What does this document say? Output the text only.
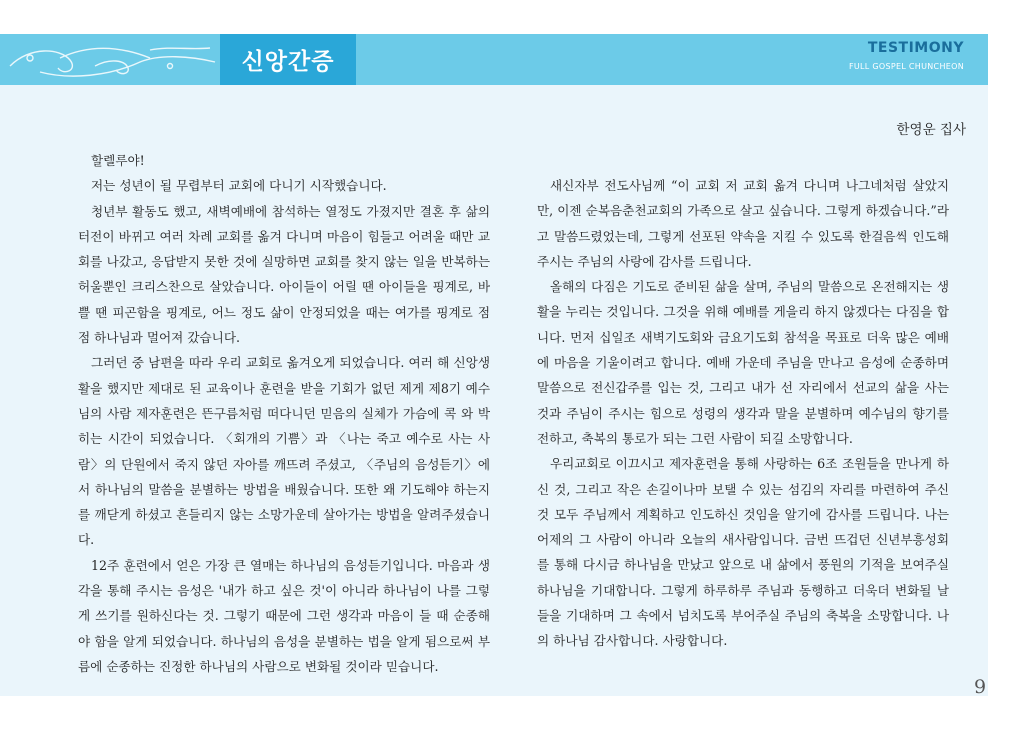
신앙간증
TESTIMONY
FULL GOSPEL CHUNCHEON
한영운 집사

할렐루야!

저는 성년이 될 무렵부터 교회에 다니기 시작했습니다.

청년부 활동도 했고, 새벽예배에 참석하는 열정도 가졌지만 결혼 후 삶의 터전이 바뀌고 여러 차례 교회를 옮겨 다니며 마음이 힘들고 어려울 때만 교회를 나갔고, 응답받지 못한 것에 실망하면 교회를 찾지 않는 일을 반복하는 허울뿐인 크리스찬으로 살았습니다. 아이들이 어릴 땐 아이들을 핑계로, 바쁠 땐 피곤함을 핑계로, 어느 정도 삶이 안정되었을 때는 여가를 핑계로 점점 하나님과 멀어져 갔습니다.

그러던 중 남편을 따라 우리 교회로 옮겨오게 되었습니다. 여러 해 신앙생활을 했지만 제대로 된 교육이나 훈련을 받을 기회가 없던 제게 제8기 예수님의 사람 제자훈련은 뜬구름처럼 떠다니던 믿음의 실체가 가슴에 콕 와 박히는 시간이 되었습니다. 〈회개의 기쁨〉과 〈나는 죽고 예수로 사는 사람〉의 단원에서 죽지 않던 자아를 깨뜨려 주셨고, 〈주님의 음성듣기〉에서 하나님의 말씀을 분별하는 방법을 배웠습니다. 또한 왜 기도해야 하는지를 깨닫게 하셨고 흔들리지 않는 소망가운데 살아가는 방법을 알려주셨습니다.

12주 훈련에서 얻은 가장 큰 열매는 하나님의 음성듣기입니다. 마음과 생각을 통해 주시는 음성은 '내가 하고 싶은 것'이 아니라 하나님이 나를 그렇게 쓰기를 원하신다는 것. 그렇기 때문에 그런 생각과 마음이 들 때 순종해야 함을 알게 되었습니다. 하나님의 음성을 분별하는 법을 알게 됨으로써 부름에 순종하는 진정한 하나님의 사람으로 변화될 것이라 믿습니다.

새신자부 전도사님께 “이 교회 저 교회 옮겨 다니며 나그네처럼 살았지만, 이젠 순복음춘천교회의 가족으로 살고 싶습니다. 그렇게 하겠습니다.”라고 말씀드렸었는데, 그렇게 선포된 약속을 지킬 수 있도록 한걸음씩 인도해 주시는 주님의 사랑에 감사를 드립니다.

올해의 다짐은 기도로 준비된 삶을 살며, 주님의 말씀으로 온전해지는 생활을 누리는 것입니다. 그것을 위해 예배를 게을리 하지 않겠다는 다짐을 합니다. 먼저 십일조 새벽기도회와 금요기도회 참석을 목표로 더욱 많은 예배에 마음을 기울이려고 합니다. 예배 가운데 주님을 만나고 음성에 순종하며 말씀으로 전신갑주를 입는 것, 그리고 내가 선 자리에서 선교의 삶을 사는 것과 주님이 주시는 힘으로 성령의 생각과 말을 분별하며 예수님의 향기를 전하고, 축복의 통로가 되는 그런 사람이 되길 소망합니다.

우리교회로 이끄시고 제자훈련을 통해 사랑하는 6조 조원들을 만나게 하신 것, 그리고 작은 손길이나마 보탤 수 있는 섬김의 자리를 마련하여 주신 것 모두 주님께서 계획하고 인도하신 것임을 알기에 감사를 드립니다. 나는 어제의 그 사람이 아니라 오늘의 새사람입니다. 금번 뜨겁던 신년부흥성회를 통해 다시금 하나님을 만났고 앞으로 내 삶에서 풍원의 기적을 보여주실 하나님을 기대합니다. 그렇게 하루하루 주님과 동행하고 더욱더 변화될 날들을 기대하며 그 속에서 넘치도록 부어주실 주님의 축복을 소망합니다. 나의 하나님 감사합니다. 사랑합니다.

9
